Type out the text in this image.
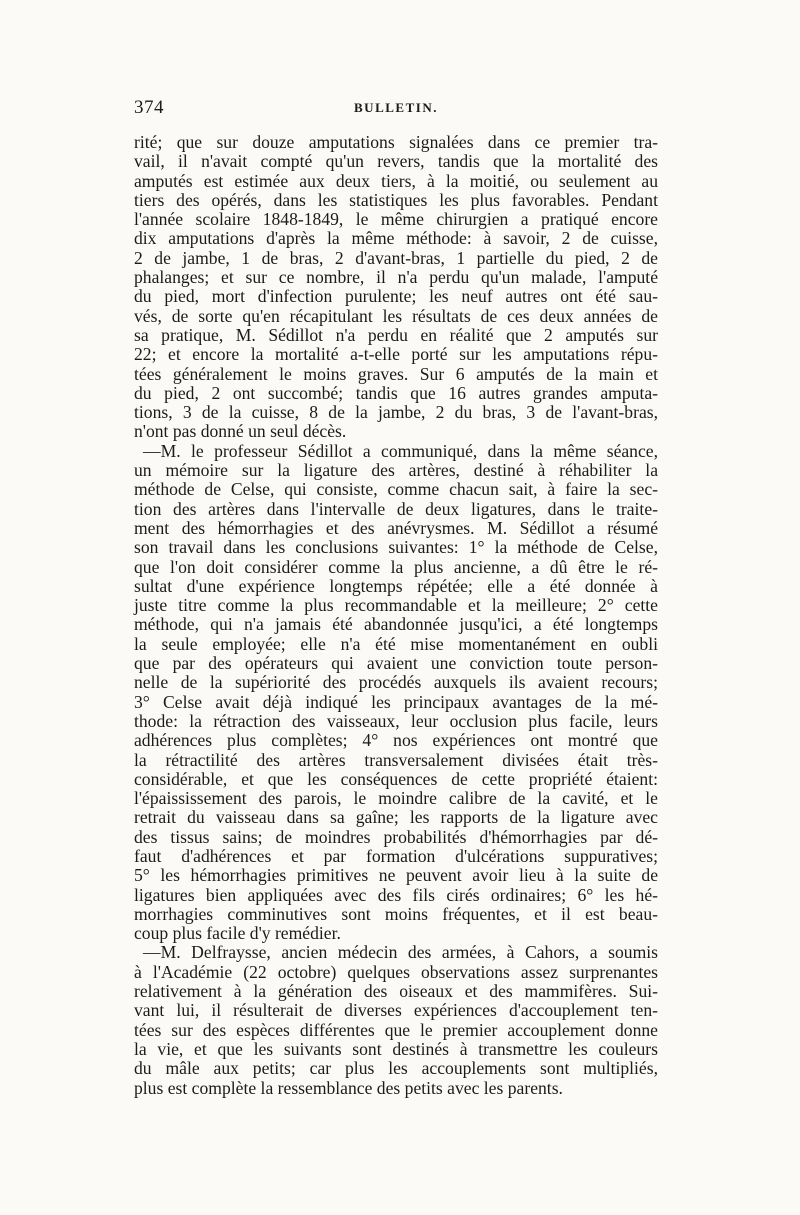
374	BULLETIN.
rité; que sur douze amputations signalées dans ce premier tra-
vail, il n'avait compté qu'un revers, tandis que la mortalité des
amputés est estimée aux deux tiers, à la moitié, ou seulement au
tiers des opérés, dans les statistiques les plus favorables. Pendant
l'année scolaire 1848-1849, le même chirurgien a pratiqué encore
dix amputations d'après la même méthode: à savoir, 2 de cuisse,
2 de jambe, 1 de bras, 2 d'avant-bras, 1 partielle du pied, 2 de
phalanges; et sur ce nombre, il n'a perdu qu'un malade, l'amputé
du pied, mort d'infection purulente; les neuf autres ont été sau-
vés, de sorte qu'en récapitulant les résultats de ces deux années de
sa pratique, M. Sédillot n'a perdu en réalité que 2 amputés sur
22; et encore la mortalité a-t-elle porté sur les amputations répu-
tées généralement le moins graves. Sur 6 amputés de la main et
du pied, 2 ont succombé; tandis que 16 autres grandes amputa-
tions, 3 de la cuisse, 8 de la jambe, 2 du bras, 3 de l'avant-bras,
n'ont pas donné un seul décès.
—M. le professeur Sédillot a communiqué, dans la même séance,
un mémoire sur la ligature des artères, destiné à réhabiliter la
méthode de Celse, qui consiste, comme chacun sait, à faire la sec-
tion des artères dans l'intervalle de deux ligatures, dans le traite-
ment des hémorrhagies et des anévrysmes. M. Sédillot a résumé
son travail dans les conclusions suivantes: 1° la méthode de Celse,
que l'on doit considérer comme la plus ancienne, a dû être le ré-
sultat d'une expérience longtemps répétée; elle a été donnée à
juste titre comme la plus recommandable et la meilleure; 2° cette
méthode, qui n'a jamais été abandonnée jusqu'ici, a été longtemps
la seule employée; elle n'a été mise momentanément en oubli
que par des opérateurs qui avaient une conviction toute person-
nelle de la supériorité des procédés auxquels ils avaient recours;
3° Celse avait déjà indiqué les principaux avantages de la mé-
thode: la rétraction des vaisseaux, leur occlusion plus facile, leurs
adhérences plus complètes; 4° nos expériences ont montré que
la rétractilité des artères transversalement divisées était très-
considérable, et que les conséquences de cette propriété étaient:
l'épaississement des parois, le moindre calibre de la cavité, et le
retrait du vaisseau dans sa gaîne; les rapports de la ligature avec
des tissus sains; de moindres probabilités d'hémorrhagies par dé-
faut d'adhérences et par formation d'ulcérations suppuratives;
5° les hémorrhagies primitives ne peuvent avoir lieu à la suite de
ligatures bien appliquées avec des fils cirés ordinaires; 6° les hé-
morrhagies comminutives sont moins fréquentes, et il est beau-
coup plus facile d'y remédier.
—M. Delfraysse, ancien médecin des armées, à Cahors, a soumis
à l'Académie (22 octobre) quelques observations assez surprenantes
relativement à la génération des oiseaux et des mammifères. Sui-
vant lui, il résulterait de diverses expériences d'accouplement ten-
tées sur des espèces différentes que le premier accouplement donne
la vie, et que les suivants sont destinés à transmettre les couleurs
du mâle aux petits; car plus les accouplements sont multipliés,
plus est complète la ressemblance des petits avec les parents.
